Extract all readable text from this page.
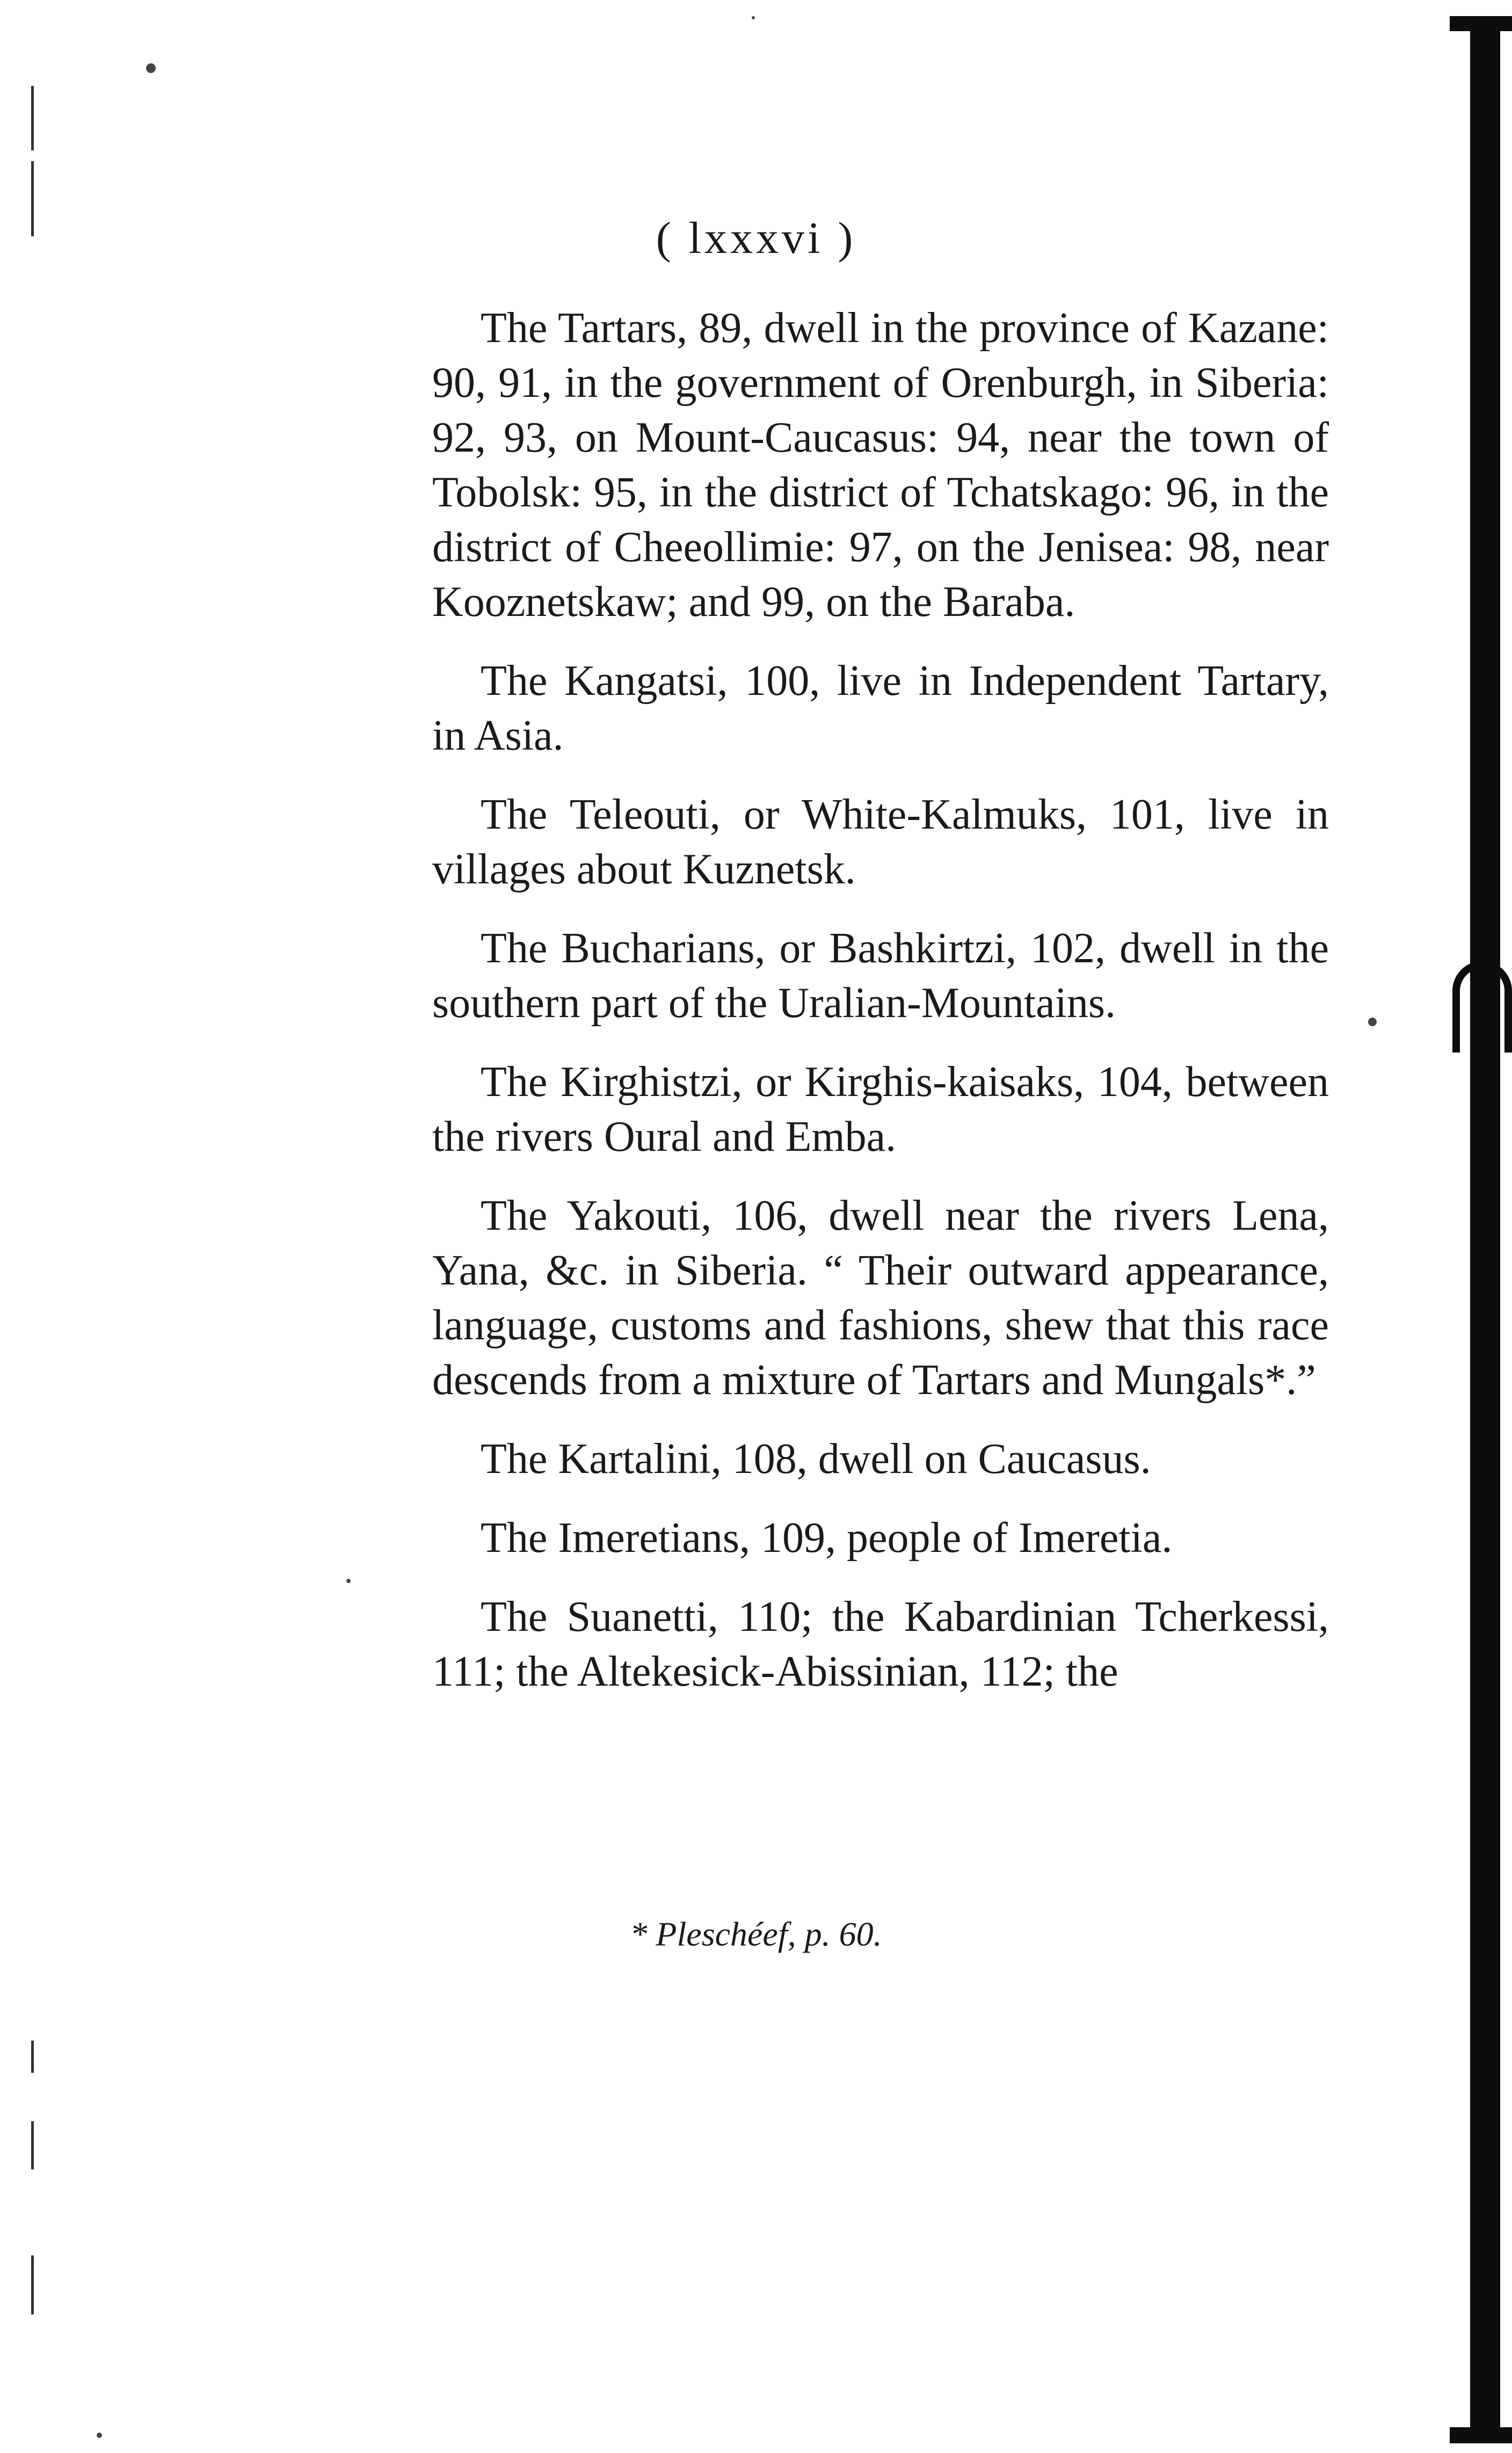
( lxxxvi )

The Tartars, 89, dwell in the province of Kazane: 90, 91, in the government of Orenburgh, in Siberia: 92, 93, on Mount-Caucasus: 94, near the town of Tobolsk: 95, in the district of Tchatskago: 96, in the district of Cheeollimie: 97, on the Jenisea: 98, near Kooznetskaw; and 99, on the Baraba.

The Kangatsi, 100, live in Independent Tartary, in Asia.

The Teleouti, or White-Kalmuks, 101, live in villages about Kuznetsk.

The Bucharians, or Bashkirtzi, 102, dwell in the southern part of the Uralian-Mountains.

The Kirghistzi, or Kirghis-kaisaks, 104, between the rivers Oural and Emba.

The Yakouti, 106, dwell near the rivers Lena, Yana, &c. in Siberia. “ Their outward appearance, language, customs and fashions, shew that this race descends from a mixture of Tartars and Mungals*.”

The Kartalini, 108, dwell on Caucasus.

The Imeretians, 109, people of Imeretia.

The Suanetti, 110; the Kabardinian Tcherkessi, 111; the Altekesick-Abissinian, 112; the

* Pleschéef, p. 60.
